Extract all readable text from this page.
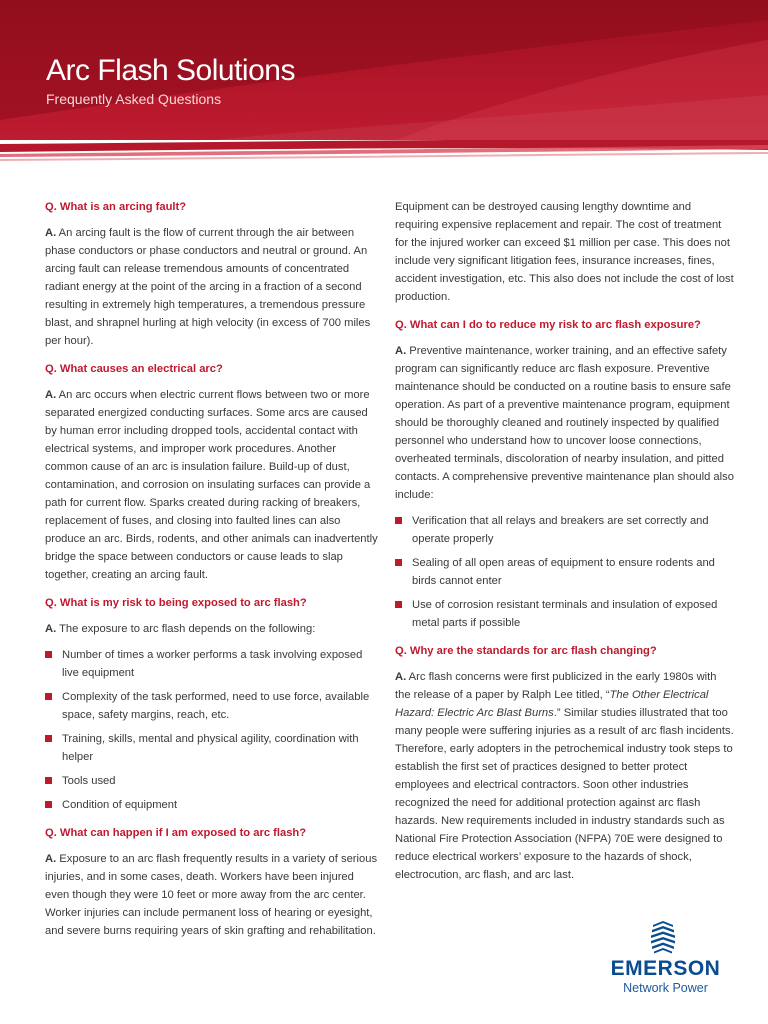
Arc Flash Solutions
Frequently Asked Questions
Q. What is an arcing fault?
A. An arcing fault is the flow of current through the air between phase conductors or phase conductors and neutral or ground. An arcing fault can release tremendous amounts of concentrated radiant energy at the point of the arcing in a fraction of a second resulting in extremely high temperatures, a tremendous pressure blast, and shrapnel hurling at high velocity (in excess of 700 miles per hour).
Q. What causes an electrical arc?
A. An arc occurs when electric current flows between two or more separated energized conducting surfaces. Some arcs are caused by human error including dropped tools, accidental contact with electrical systems, and improper work procedures. Another common cause of an arc is insulation failure. Build-up of dust, contamination, and corrosion on insulating surfaces can provide a path for current flow. Sparks created during racking of breakers, replacement of fuses, and closing into faulted lines can also produce an arc. Birds, rodents, and other animals can inadvertently bridge the space between conductors or cause leads to slap together, creating an arcing fault.
Q. What is my risk to being exposed to arc flash?
A. The exposure to arc flash depends on the following:
Number of times a worker performs a task involving exposed live equipment
Complexity of the task performed, need to use force, available space, safety margins, reach, etc.
Training, skills, mental and physical agility, coordination with helper
Tools used
Condition of equipment
Q. What can happen if I am exposed to arc flash?
A. Exposure to an arc flash frequently results in a variety of serious injuries, and in some cases, death. Workers have been injured even though they were 10 feet or more away from the arc center. Worker injuries can include permanent loss of hearing or eyesight, and severe burns requiring years of skin grafting and rehabilitation.
Equipment can be destroyed causing lengthy downtime and requiring expensive replacement and repair. The cost of treatment for the injured worker can exceed $1 million per case. This does not include very significant litigation fees, insurance increases, fines, accident investigation, etc. This also does not include the cost of lost production.
Q. What can I do to reduce my risk to arc flash exposure?
A. Preventive maintenance, worker training, and an effective safety program can significantly reduce arc flash exposure. Preventive maintenance should be conducted on a routine basis to ensure safe operation. As part of a preventive maintenance program, equipment should be thoroughly cleaned and routinely inspected by qualified personnel who understand how to uncover loose connections, overheated terminals, discoloration of nearby insulation, and pitted contacts. A comprehensive preventive maintenance plan should also include:
Verification that all relays and breakers are set correctly and operate properly
Sealing of all open areas of equipment to ensure rodents and birds cannot enter
Use of corrosion resistant terminals and insulation of exposed metal parts if possible
Q. Why are the standards for arc flash changing?
A. Arc flash concerns were first publicized in the early 1980s with the release of a paper by Ralph Lee titled, “The Other Electrical Hazard: Electric Arc Blast Burns.” Similar studies illustrated that too many people were suffering injuries as a result of arc flash incidents. Therefore, early adopters in the petrochemical industry took steps to establish the first set of practices designed to better protect employees and electrical contractors. Soon other industries recognized the need for additional protection against arc flash hazards. New requirements included in industry standards such as National Fire Protection Association (NFPA) 70E were designed to reduce electrical workers’ exposure to the hazards of shock, electrocution, arc flash, and arc last.
EMERSON
Network Power
